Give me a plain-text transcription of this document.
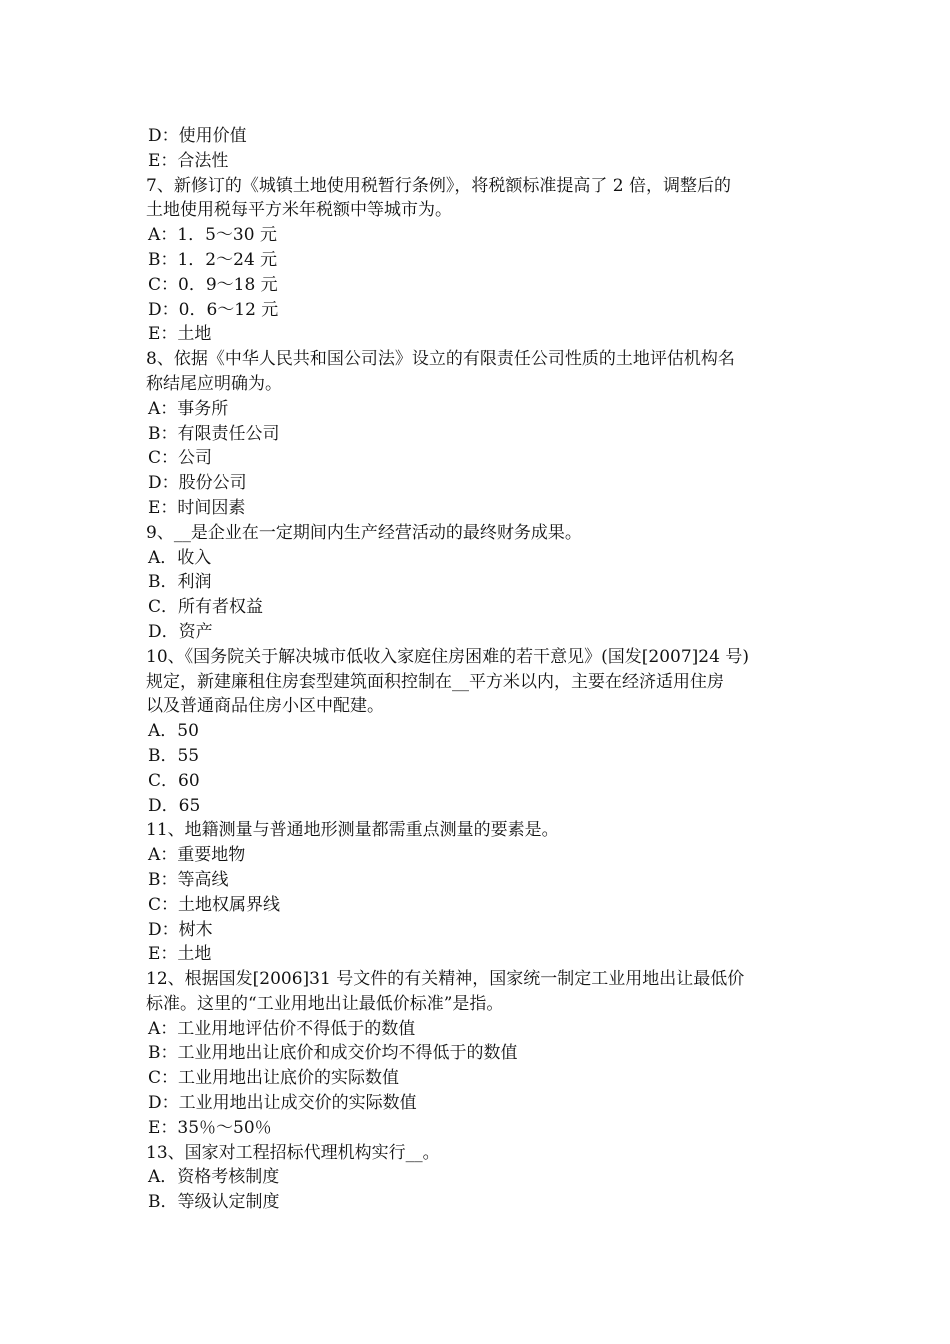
D：使用价值
E：合法性
7、新修订的《城镇土地使用税暂行条例》，将税额标准提高了 2 倍，调整后的
土地使用税每平方米年税额中等城市为。
A：1．5～30 元
B：1．2～24 元
C：0．9～18 元
D：0．6～12 元
E：土地
8、依据《中华人民共和国公司法》设立的有限责任公司性质的土地评估机构名
称结尾应明确为。
A：事务所
B：有限责任公司
C：公司
D：股份公司
E：时间因素
9、__是企业在一定期间内生产经营活动的最终财务成果。
A．收入
B．利润
C．所有者权益
D．资产
10、《国务院关于解决城市低收入家庭住房困难的若干意见》(国发[2007]24 号)
规定，新建廉租住房套型建筑面积控制在__平方米以内，主要在经济适用住房
以及普通商品住房小区中配建。
A．50
B．55
C．60
D．65
11、地籍测量与普通地形测量都需重点测量的要素是。
A：重要地物
B：等高线
C：土地权属界线
D：树木
E：土地
12、根据国发[2006]31 号文件的有关精神，国家统一制定工业用地出让最低价
标准。这里的“工业用地出让最低价标准”是指。
A：工业用地评估价不得低于的数值
B：工业用地出让底价和成交价均不得低于的数值
C：工业用地出让底价的实际数值
D：工业用地出让成交价的实际数值
E：35％～50％
13、国家对工程招标代理机构实行__。
A．资格考核制度
B．等级认定制度
